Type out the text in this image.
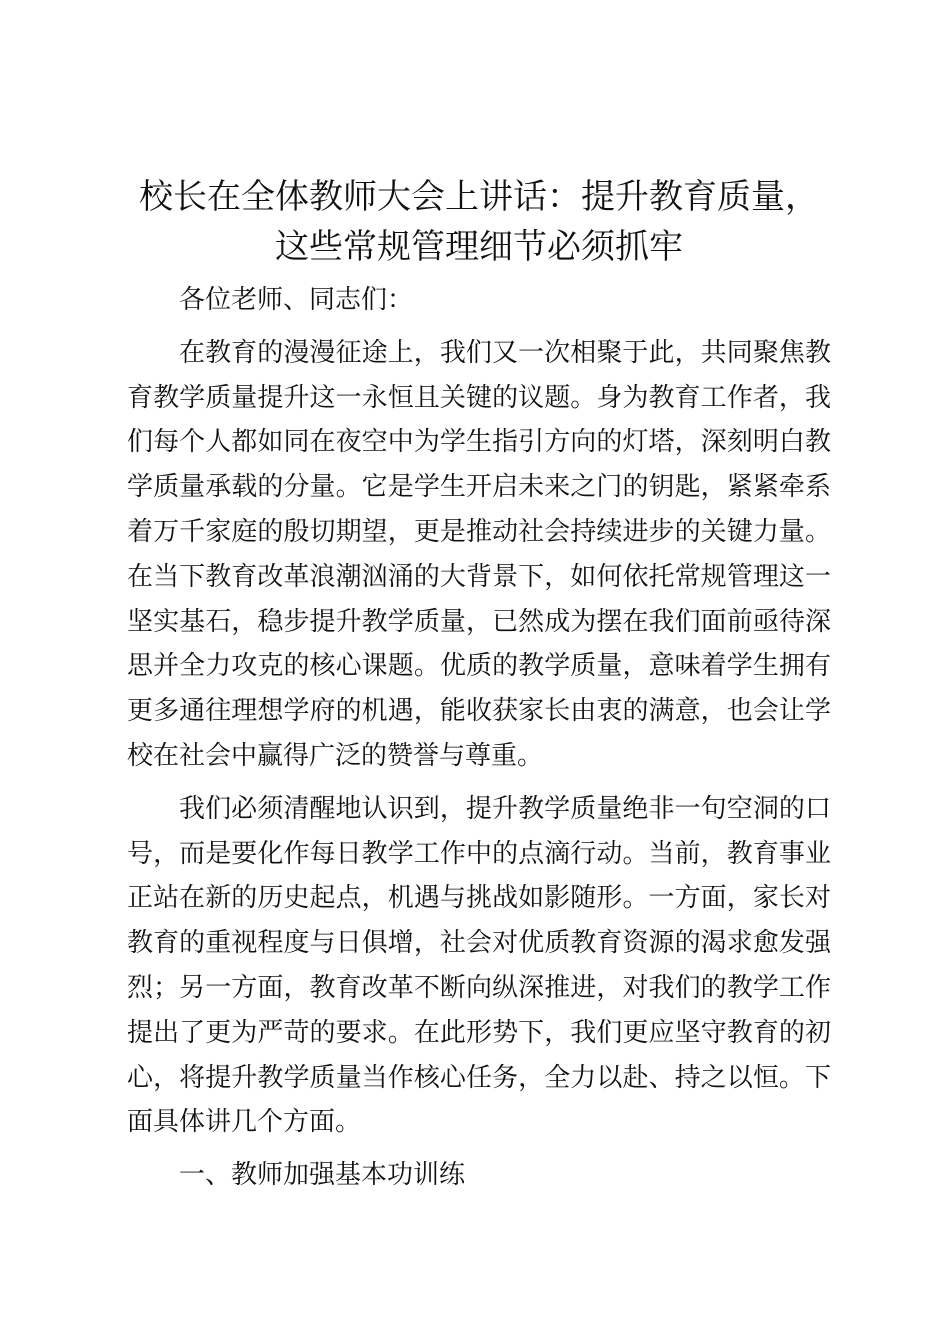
校长在全体教师大会上讲话：提升教育质量，
这些常规管理细节必须抓牢

各位老师、同志们：

在教育的漫漫征途上，我们又一次相聚于此，共同聚焦教育教学质量提升这一永恒且关键的议题。身为教育工作者，我们每个人都如同在夜空中为学生指引方向的灯塔，深刻明白教学质量承载的分量。它是学生开启未来之门的钥匙，紧紧牵系着万千家庭的殷切期望，更是推动社会持续进步的关键力量。在当下教育改革浪潮汹涌的大背景下，如何依托常规管理这一坚实基石，稳步提升教学质量，已然成为摆在我们面前亟待深思并全力攻克的核心课题。优质的教学质量，意味着学生拥有更多通往理想学府的机遇，能收获家长由衷的满意，也会让学校在社会中赢得广泛的赞誉与尊重。

我们必须清醒地认识到，提升教学质量绝非一句空洞的口号，而是要化作每日教学工作中的点滴行动。当前，教育事业正站在新的历史起点，机遇与挑战如影随形。一方面，家长对教育的重视程度与日俱增，社会对优质教育资源的渴求愈发强烈；另一方面，教育改革不断向纵深推进，对我们的教学工作提出了更为严苛的要求。在此形势下，我们更应坚守教育的初心，将提升教学质量当作核心任务，全力以赴、持之以恒。下面具体讲几个方面。

一、教师加强基本功训练
